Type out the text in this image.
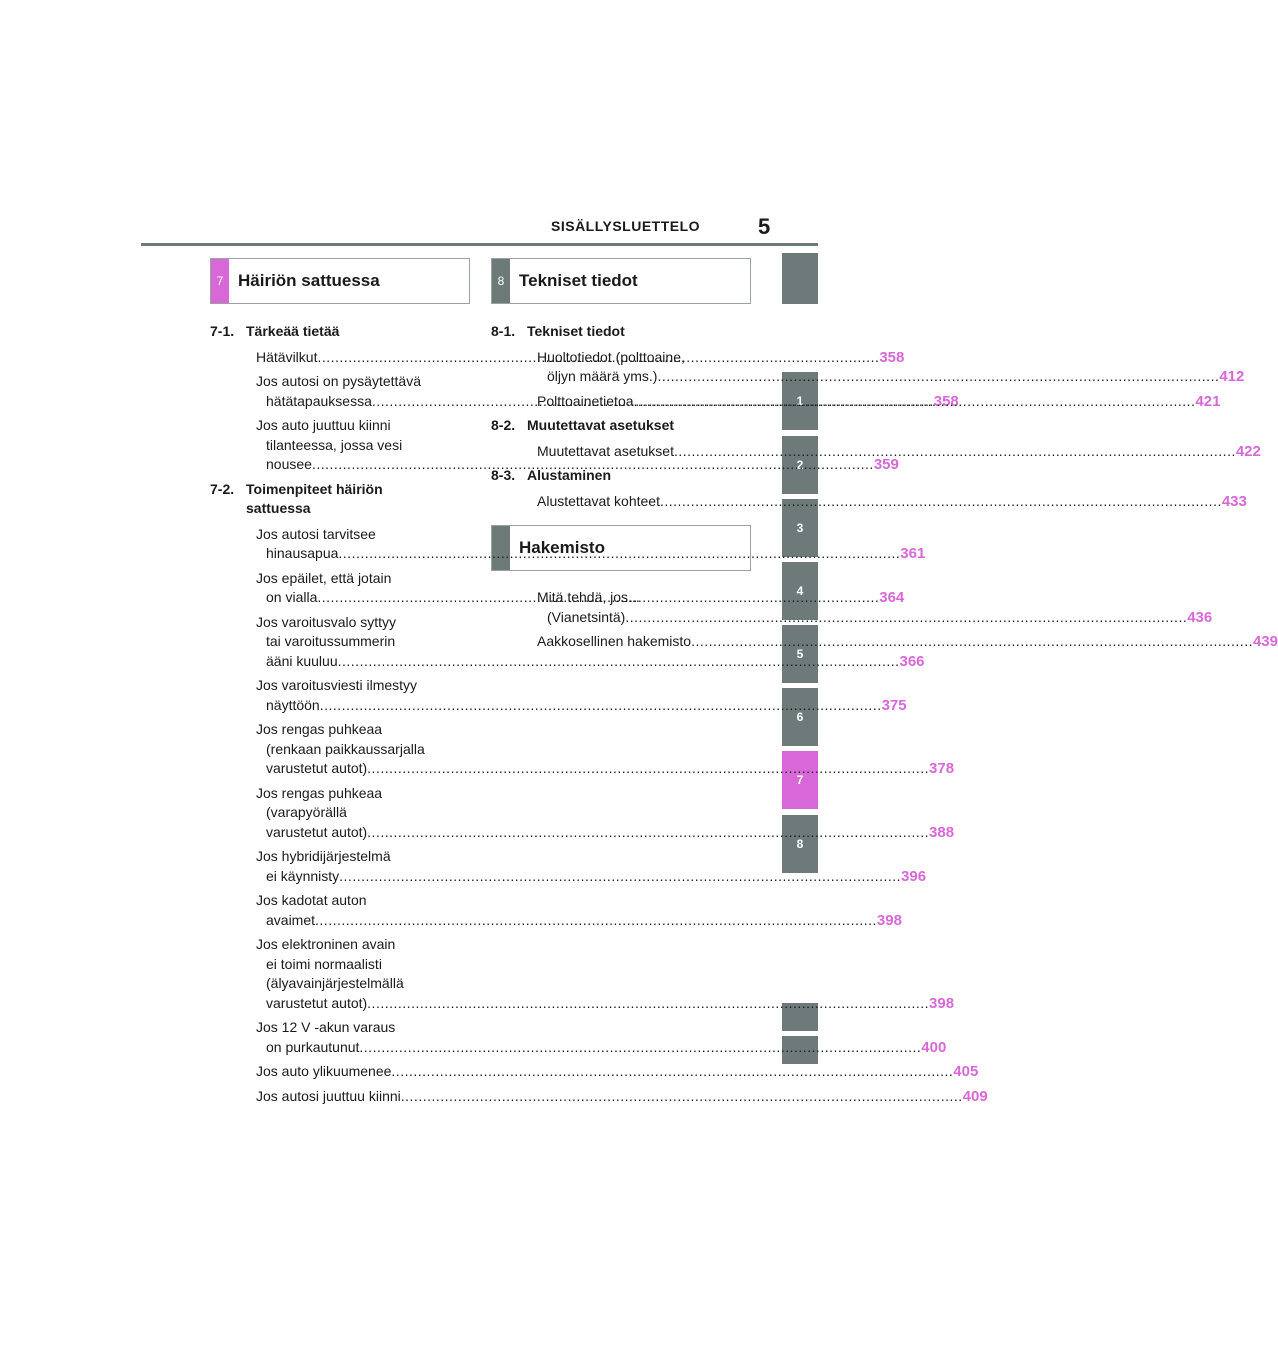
SISÄLLYSLUETTELO	5
1
2
3
4
5
6
7
8
7 Häiriön sattuessa	8 Tekniset tiedot
Hakemisto
7-1. Tärkeää tietää
Hätävilkut .....	358
Jos autosi on pysäytettävä
hätätapauksessa .....	358
Jos auto juuttuu kiinni
tilanteessa, jossa vesi
nousee .....	359
7-2. Toimenpiteet häiriön
sattuessa
Jos autosi tarvitsee
hinausapua .....	361
Jos epäilet, että jotain
on vialla .....	364
Jos varoitusvalo syttyy
tai varoitussummerin
ääni kuuluu .....	366
Jos varoitusviesti ilmestyy
näyttöön .....	375
Jos rengas puhkeaa
(renkaan paikkaussarjalla
varustetut autot) .....	378
Jos rengas puhkeaa
(varapyörällä
varustetut autot) .....	388
Jos hybridijärjestelmä
ei käynnisty .....	396
Jos kadotat auton
avaimet .....	398
Jos elektroninen avain
ei toimi normaalisti
(älyavainjärjestelmällä
varustetut autot) .....	398
Jos 12 V -akun varaus
on purkautunut .....	400
Jos auto ylikuumenee .....	405
Jos autosi juuttuu kiinni .....	409
8-1. Tekniset tiedot
Huoltotiedot (polttoaine,
öljyn määrä yms.) .....	412
Polttoainetietoa .....	421
8-2. Muutettavat asetukset
Muutettavat asetukset .....	422
8-3. Alustaminen
Alustettavat kohteet .....	433
Mitä tehdä, jos...
(Vianetsintä) .....	436
Aakkosellinen hakemisto .....	439
